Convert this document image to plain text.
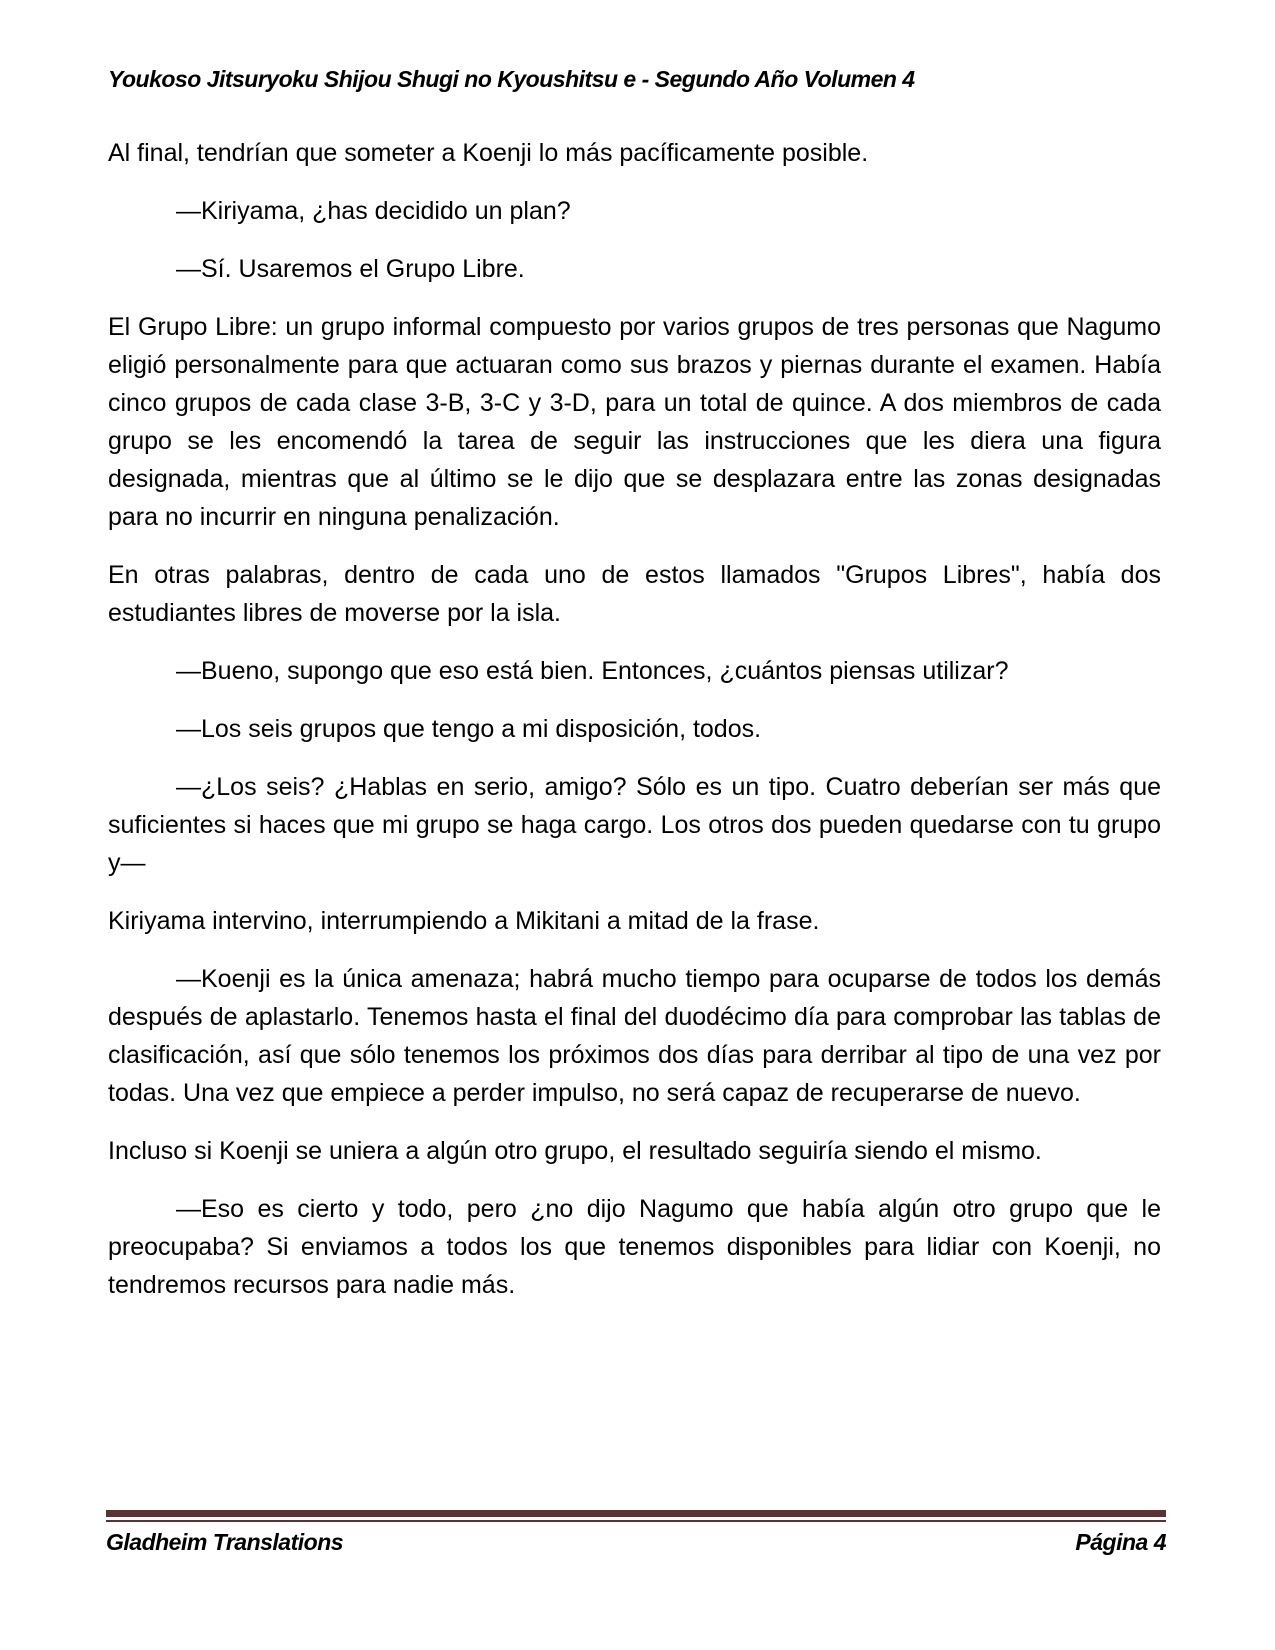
Youkoso Jitsuryoku Shijou Shugi no Kyoushitsu e - Segundo Año Volumen 4

Al final, tendrían que someter a Koenji lo más pacíficamente posible.

—Kiriyama, ¿has decidido un plan?

—Sí. Usaremos el Grupo Libre.

El Grupo Libre: un grupo informal compuesto por varios grupos de tres personas que Nagumo eligió personalmente para que actuaran como sus brazos y piernas durante el examen. Había cinco grupos de cada clase 3-B, 3-C y 3-D, para un total de quince. A dos miembros de cada grupo se les encomendó la tarea de seguir las instrucciones que les diera una figura designada, mientras que al último se le dijo que se desplazara entre las zonas designadas para no incurrir en ninguna penalización.

En otras palabras, dentro de cada uno de estos llamados "Grupos Libres", había dos estudiantes libres de moverse por la isla.

—Bueno, supongo que eso está bien. Entonces, ¿cuántos piensas utilizar?

—Los seis grupos que tengo a mi disposición, todos.

—¿Los seis? ¿Hablas en serio, amigo? Sólo es un tipo. Cuatro deberían ser más que suficientes si haces que mi grupo se haga cargo. Los otros dos pueden quedarse con tu grupo y—

Kiriyama intervino, interrumpiendo a Mikitani a mitad de la frase.

—Koenji es la única amenaza; habrá mucho tiempo para ocuparse de todos los demás después de aplastarlo. Tenemos hasta el final del duodécimo día para comprobar las tablas de clasificación, así que sólo tenemos los próximos dos días para derribar al tipo de una vez por todas. Una vez que empiece a perder impulso, no será capaz de recuperarse de nuevo.

Incluso si Koenji se uniera a algún otro grupo, el resultado seguiría siendo el mismo.

—Eso es cierto y todo, pero ¿no dijo Nagumo que había algún otro grupo que le preocupaba? Si enviamos a todos los que tenemos disponibles para lidiar con Koenji, no tendremos recursos para nadie más.

Gladheim Translations	Página 4
